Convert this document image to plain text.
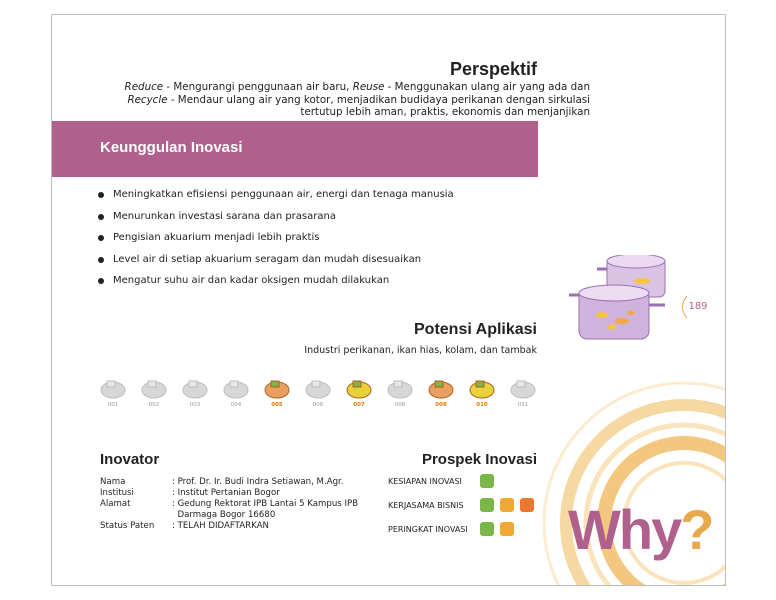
Perspektif
Reduce - Mengurangi penggunaan air baru, Reuse - Menggunakan ulang air yang ada dan Recycle - Mendaur ulang air yang kotor, menjadikan budidaya perikanan dengan sirkulasi tertutup lebih aman, praktis, ekonomis dan menjanjikan
Keunggulan Inovasi
Meningkatkan efisiensi penggunaan air, energi dan tenaga manusia
Menurunkan investasi sarana dan prasarana
Pengisian akuarium menjadi lebih praktis
Level air di setiap akuarium seragam dan mudah disesuaikan
Mengatur suhu air dan kadar oksigen mudah dilakukan
189
Potensi Aplikasi
Industri perikanan, ikan hias, kolam, dan tambak
001	002	003	004	005	006	007	008	009	010	011
Inovator
Nama	: Prof. Dr. Ir. Budi Indra Setiawan, M.Agr.
Institusi	: Institut Pertanian Bogor
Alamat	: Gedung Rektorat IPB Lantai 5 Kampus IPB
	Darmaga Bogor 16680
Status Paten	: TELAH DIDAFTARKAN
Prospek Inovasi
KESIAPAN INOVASI
KERJASAMA BISNIS
PERINGKAT INOVASI Why?
